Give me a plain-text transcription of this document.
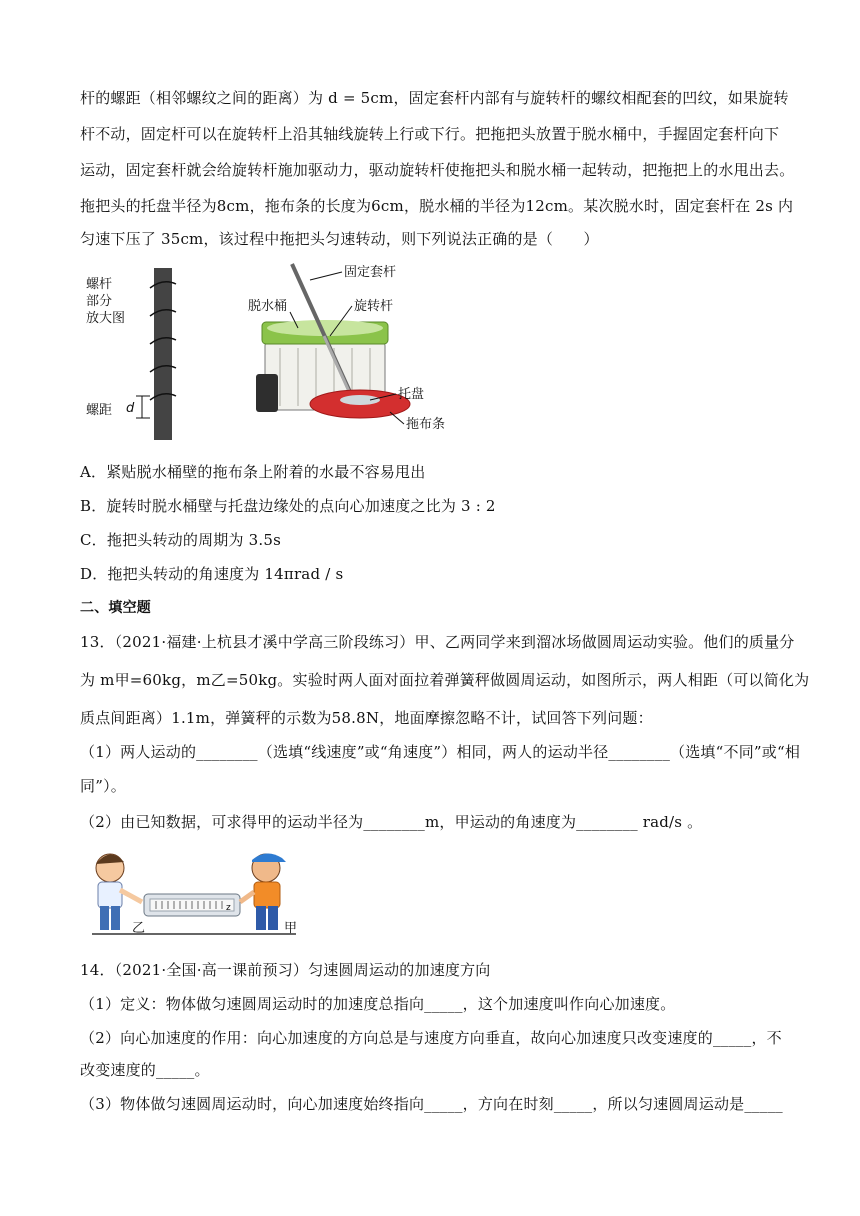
杆的螺距（相邻螺纹之间的距离）为 d = 5cm，固定套杆内部有与旋转杆的螺纹相配套的凹纹，如果旋转
杆不动，固定杆可以在旋转杆上沿其轴线旋转上行或下行。把拖把头放置于脱水桶中，手握固定套杆向下
运动，固定套杆就会给旋转杆施加驱动力，驱动旋转杆使拖把头和脱水桶一起转动，把拖把上的水甩出去。
拖把头的托盘半径为8cm，拖布条的长度为6cm，脱水桶的半径为12cm。某次脱水时，固定套杆在 2s 内
匀速下压了 35cm，该过程中拖把头匀速转动，则下列说法正确的是（　　）
螺杆
部分
放大图
d
螺距
固定套杆
脱水桶	旋转杆
托盘
拖布条
A．紧贴脱水桶壁的拖布条上附着的水最不容易甩出
B．旋转时脱水桶壁与托盘边缘处的点向心加速度之比为 3 : 2
C．拖把头转动的周期为 3.5s
D．拖把头转动的角速度为 14πrad / s
二、填空题
13．（2021·福建·上杭县才溪中学高三阶段练习）甲、乙两同学来到溜冰场做圆周运动实验。他们的质量分
为 m甲=60kg，m乙=50kg。实验时两人面对面拉着弹簧秤做圆周运动，如图所示，两人相距（可以简化为
质点间距离）1.1m，弹簧秤的示数为58.8N，地面摩擦忽略不计，试回答下列问题：
（1）两人运动的________（选填“线速度”或“角速度”）相同，两人的运动半径________（选填“不同”或“相
同”）。
（2）由已知数据，可求得甲的运动半径为________m，甲运动的角速度为________ rad/s 。
z
乙	甲
14．（2021·全国·高一课前预习）匀速圆周运动的加速度方向
（1）定义：物体做匀速圆周运动时的加速度总指向_____，这个加速度叫作向心加速度。
（2）向心加速度的作用：向心加速度的方向总是与速度方向垂直，故向心加速度只改变速度的_____，不
改变速度的_____。
（3）物体做匀速圆周运动时，向心加速度始终指向_____，方向在时刻_____，所以匀速圆周运动是_____
